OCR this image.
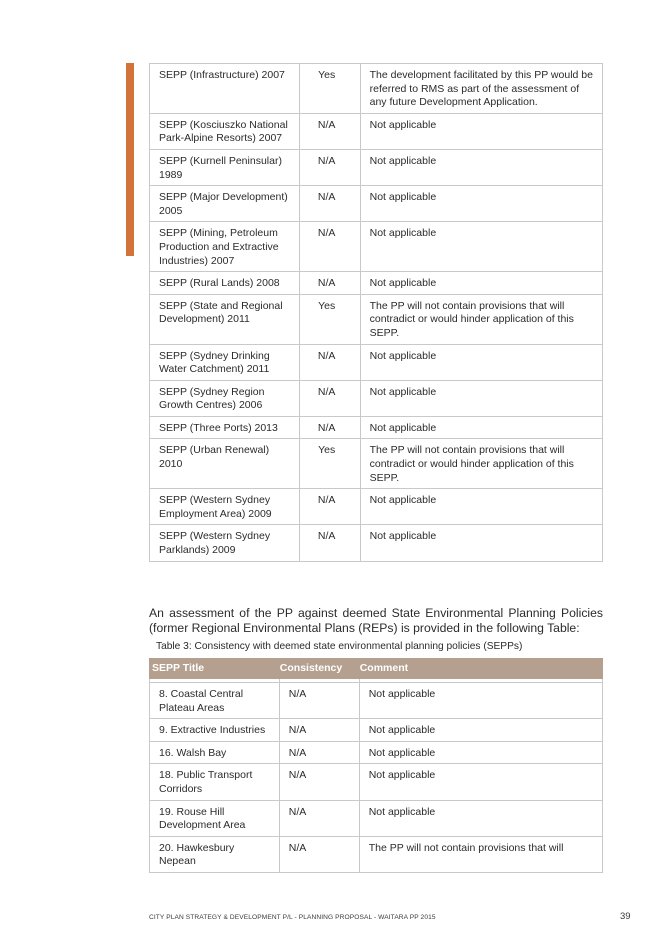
SEPP (Infrastructure) 2007	Yes	The development facilitated by this PP would be referred to RMS as part of the assessment of any future Development Application.
SEPP (Kosciuszko National Park-Alpine Resorts) 2007	N/A	Not applicable
SEPP (Kurnell Peninsular) 1989	N/A	Not applicable
SEPP (Major Development) 2005	N/A	Not applicable
SEPP (Mining, Petroleum Production and Extractive Industries) 2007	N/A	Not applicable
SEPP (Rural Lands) 2008	N/A	Not applicable
SEPP (State and Regional Development) 2011	Yes	The PP will not contain provisions that will contradict or would hinder application of this SEPP.
SEPP (Sydney Drinking Water Catchment) 2011	N/A	Not applicable
SEPP (Sydney Region Growth Centres) 2006	N/A	Not applicable
SEPP (Three Ports) 2013	N/A	Not applicable
SEPP (Urban Renewal) 2010	Yes	The PP will not contain provisions that will contradict or would hinder application of this SEPP.
SEPP (Western Sydney Employment Area) 2009	N/A	Not applicable
SEPP (Western Sydney Parklands) 2009	N/A	Not applicable

An assessment of the PP against deemed State Environmental Planning Policies (former Regional Environmental Plans (REPs) is provided in the following Table:

Table 3: Consistency with deemed state environmental planning policies (SEPPs)

SEPP Title	Consistency	Comment

8. Coastal Central Plateau Areas	N/A	Not applicable
9. Extractive Industries	N/A	Not applicable
16. Walsh Bay	N/A	Not applicable
18. Public Transport Corridors	N/A	Not applicable
19. Rouse Hill Development Area	N/A	Not applicable
20. Hawkesbury Nepean	N/A	The PP will not contain provisions that will
CITY PLAN STRATEGY & DEVELOPMENT P/L - PLANNING PROPOSAL - WAITARA PP 2015	39
